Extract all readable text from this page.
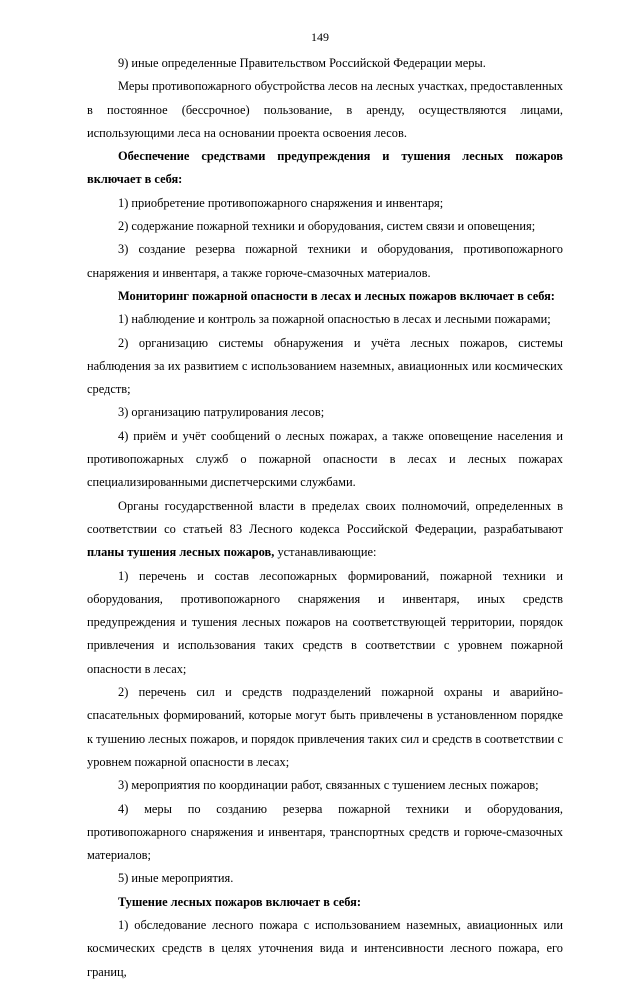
149

9) иные определенные Правительством Российской Федерации меры.

Меры противопожарного обустройства лесов на лесных участках, предоставленных в постоянное (бессрочное) пользование, в аренду, осуществляются лицами, использующими леса на основании проекта освоения лесов.

Обеспечение средствами предупреждения и тушения лесных пожаров включает в себя:

1) приобретение противопожарного снаряжения и инвентаря;

2) содержание пожарной техники и оборудования, систем связи и оповещения;

3) создание резерва пожарной техники и оборудования, противопожарного снаряжения и инвентаря, а также горюче-смазочных материалов.

Мониторинг пожарной опасности в лесах и лесных пожаров включает в себя:

1) наблюдение и контроль за пожарной опасностью в лесах и лесными пожарами;

2) организацию системы обнаружения и учёта лесных пожаров, системы наблюдения за их развитием с использованием наземных, авиационных или космических средств;

3) организацию патрулирования лесов;

4) приём и учёт сообщений о лесных пожарах, а также оповещение населения и противопожарных служб о пожарной опасности в лесах и лесных пожарах специализированными диспетчерскими службами.

Органы государственной власти в пределах своих полномочий, определенных в соответствии со статьей 83 Лесного кодекса Российской Федерации, разрабатывают планы тушения лесных пожаров, устанавливающие:

1) перечень и состав лесопожарных формирований, пожарной техники и оборудования, противопожарного снаряжения и инвентаря, иных средств предупреждения и тушения лесных пожаров на соответствующей территории, порядок привлечения и использования таких средств в соответствии с уровнем пожарной опасности в лесах;

2) перечень сил и средств подразделений пожарной охраны и аварийно-спасательных формирований, которые могут быть привлечены в установленном порядке к тушению лесных пожаров, и порядок привлечения таких сил и средств в соответствии с уровнем пожарной опасности в лесах;

3) мероприятия по координации работ, связанных с тушением лесных пожаров;

4) меры по созданию резерва пожарной техники и оборудования, противопожарного снаряжения и инвентаря, транспортных средств и горюче-смазочных материалов;

5) иные мероприятия.

Тушение лесных пожаров включает в себя:

1) обследование лесного пожара с использованием наземных, авиационных или космических средств в целях уточнения вида и интенсивности лесного пожара, его границ,
